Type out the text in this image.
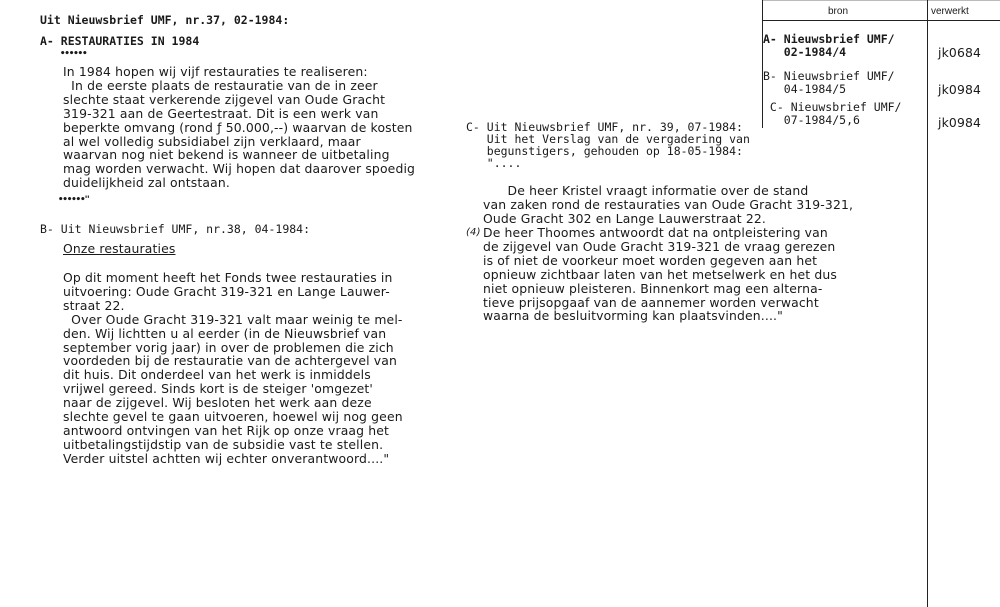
Uit Nieuwsbrief UMF, nr.37, 02-1984:
A- RESTAURATIES IN 1984
••••••
In 1984 hopen wij vijf restauraties te realiseren:
In de eerste plaats de restauratie van de in zeer
slechte staat verkerende zijgevel van Oude Gracht
319-321 aan de Geertestraat. Dit is een werk van
beperkte omvang (rond ƒ 50.000,--) waarvan de kosten
al wel volledig subsidiabel zijn verklaard, maar
waarvan nog niet bekend is wanneer de uitbetaling
mag worden verwacht. Wij hopen dat daarover spoedig
duidelijkheid zal ontstaan.
••••••"
B- Uit Nieuwsbrief UMF, nr.38, 04-1984:
Onze restauraties
Op dit moment heeft het Fonds twee restauraties in
uitvoering: Oude Gracht 319-321 en Lange Lauwer-
straat 22.
Over Oude Gracht 319-321 valt maar weinig te mel-
den. Wij lichtten u al eerder (in de Nieuwsbrief van
september vorig jaar) in over de problemen die zich
voordeden bij de restauratie van de achtergevel van
dit huis. Dit onderdeel van het werk is inmiddels
vrijwel gereed. Sinds kort is de steiger 'omgezet'
naar de zijgevel. Wij besloten het werk aan deze
slechte gevel te gaan uitvoeren, hoewel wij nog geen
antwoord ontvingen van het Rijk op onze vraag het
uitbetalingstijdstip van de subsidie vast te stellen.
Verder uitstel achtten wij echter onverantwoord...."
C- Uit Nieuwsbrief UMF, nr. 39, 07-1984:
Uit het Verslag van de vergadering van
begunstigers, gehouden op 18-05-1984:
"....
De heer Kristel vraagt informatie over de stand
van zaken rond de restauraties van Oude Gracht 319-321,
Oude Gracht 302 en Lange Lauwerstraat 22.
(4) De heer Thoomes antwoordt dat na ontpleistering van
de zijgevel van Oude Gracht 319-321 de vraag gerezen
is of niet de voorkeur moet worden gegeven aan het
opnieuw zichtbaar laten van het metselwerk en het dus
niet opnieuw pleisteren. Binnenkort mag een alterna-
tieve prijsopgaaf van de aannemer worden verwacht
waarna de besluitvorming kan plaatsvinden...."
bron	verwerkt
A- Nieuwsbrief UMF/
02-1984/4	jk0684
B- Nieuwsbrief UMF/
04-1984/5	jk0984
C- Nieuwsbrief UMF/
07-1984/5,6	jk0984
